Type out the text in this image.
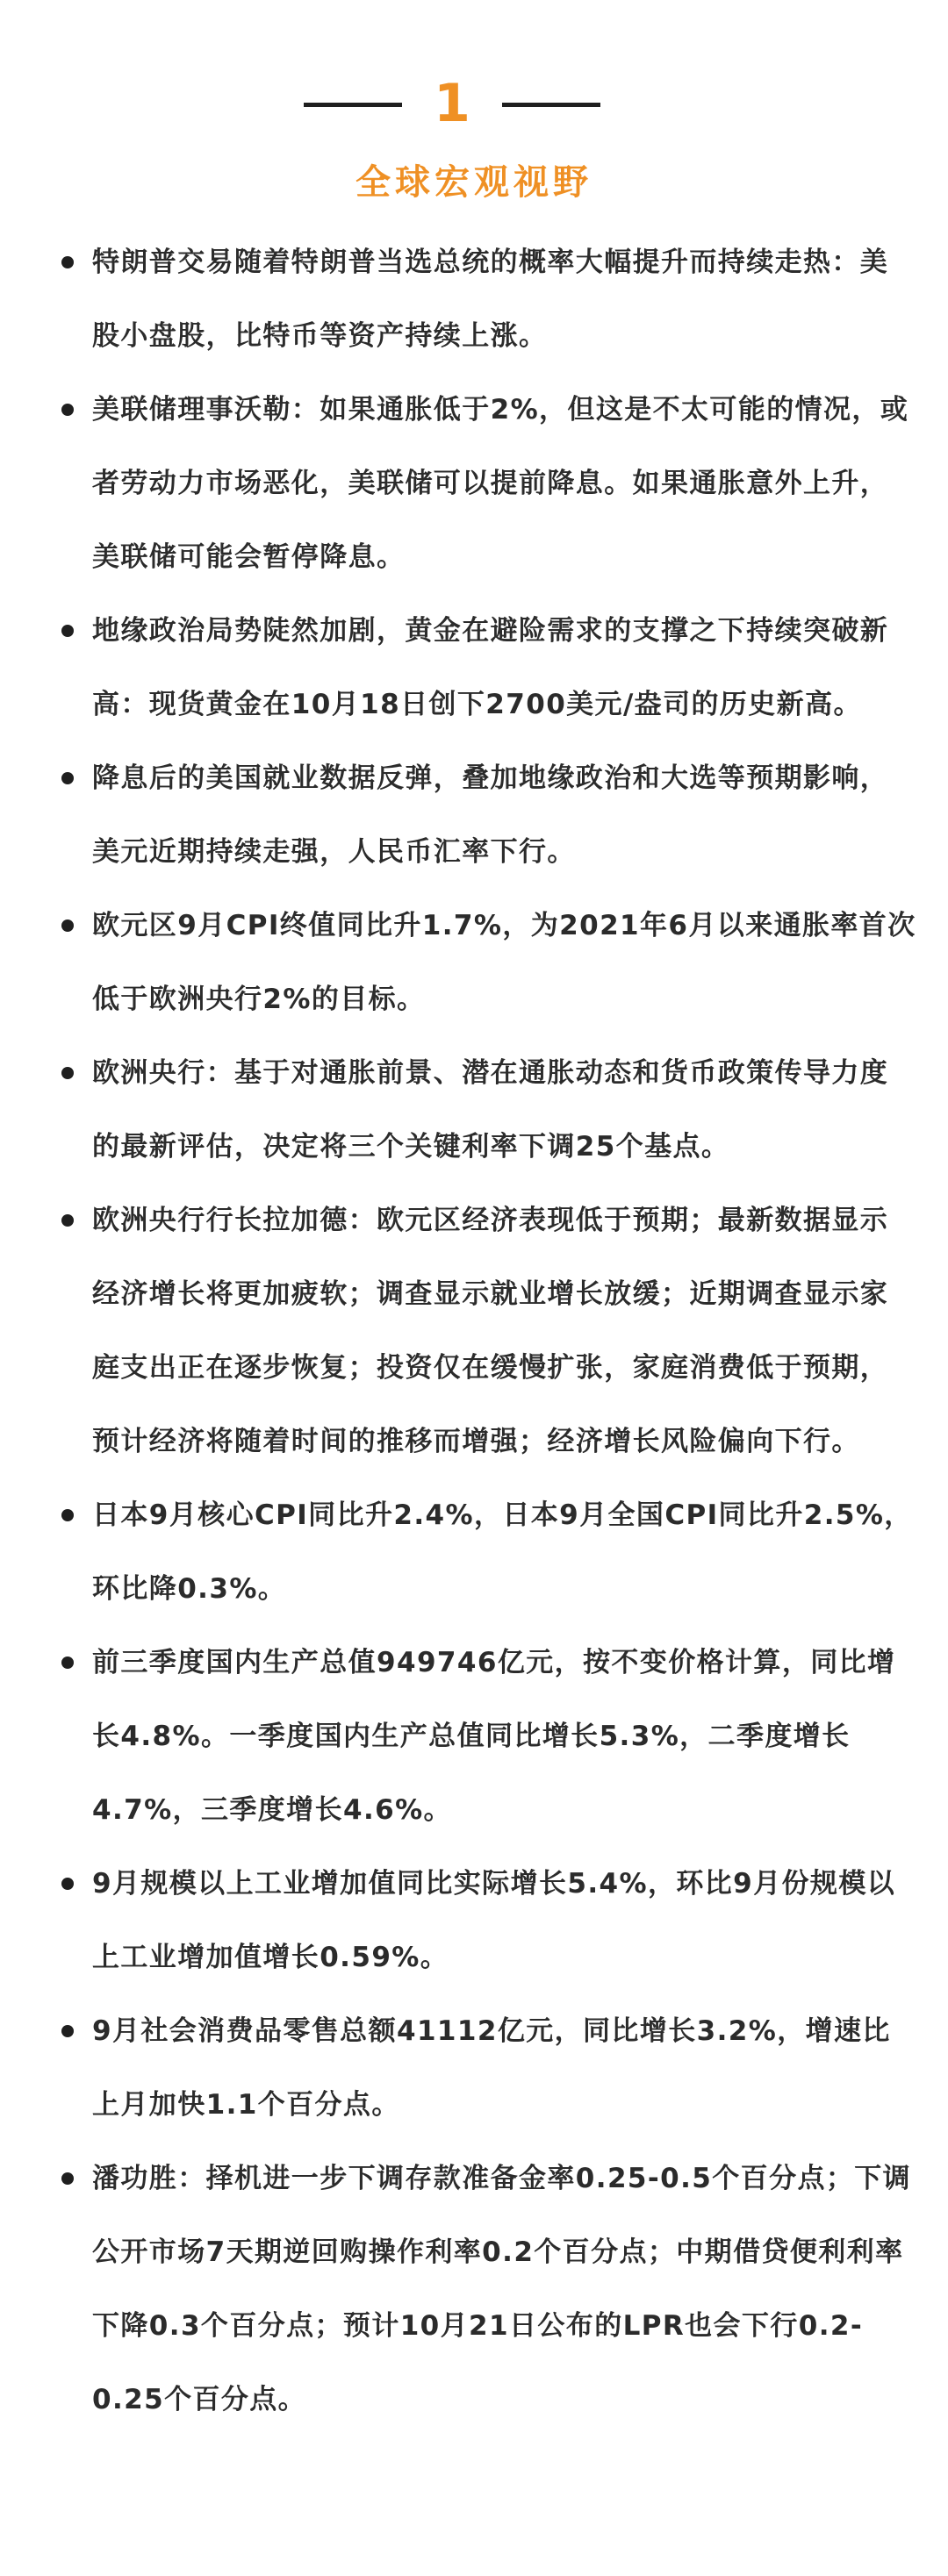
1
全球宏观视野
特朗普交易随着特朗普当选总统的概率大幅提升而持续走热：美股小盘股，比特币等资产持续上涨。
美联储理事沃勒：如果通胀低于2%，但这是不太可能的情况，或者劳动力市场恶化，美联储可以提前降息。如果通胀意外上升，美联储可能会暂停降息。
地缘政治局势陡然加剧，黄金在避险需求的支撑之下持续突破新高：现货黄金在10月18日创下2700美元/盎司的历史新高。
降息后的美国就业数据反弹，叠加地缘政治和大选等预期影响，美元近期持续走强，人民币汇率下行。
欧元区9月CPI终值同比升1.7%，为2021年6月以来通胀率首次低于欧洲央行2%的目标。
欧洲央行：基于对通胀前景、潜在通胀动态和货币政策传导力度的最新评估，决定将三个关键利率下调25个基点。
欧洲央行行长拉加德：欧元区经济表现低于预期；最新数据显示经济增长将更加疲软；调查显示就业增长放缓；近期调查显示家庭支出正在逐步恢复；投资仅在缓慢扩张，家庭消费低于预期，预计经济将随着时间的推移而增强；经济增长风险偏向下行。
日本9月核心CPI同比升2.4%，日本9月全国CPI同比升2.5%，环比降0.3%。
前三季度国内生产总值949746亿元，按不变价格计算，同比增长4.8%。一季度国内生产总值同比增长5.3%，二季度增长4.7%，三季度增长4.6%。
9月规模以上工业增加值同比实际增长5.4%，环比9月份规模以上工业增加值增长0.59%。
9月社会消费品零售总额41112亿元，同比增长3.2%，增速比上月加快1.1个百分点。
潘功胜：择机进一步下调存款准备金率0.25-0.5个百分点；下调公开市场7天期逆回购操作利率0.2个百分点；中期借贷便利利率下降0.3个百分点；预计10月21日公布的LPR也会下行0.2-0.25个百分点。
